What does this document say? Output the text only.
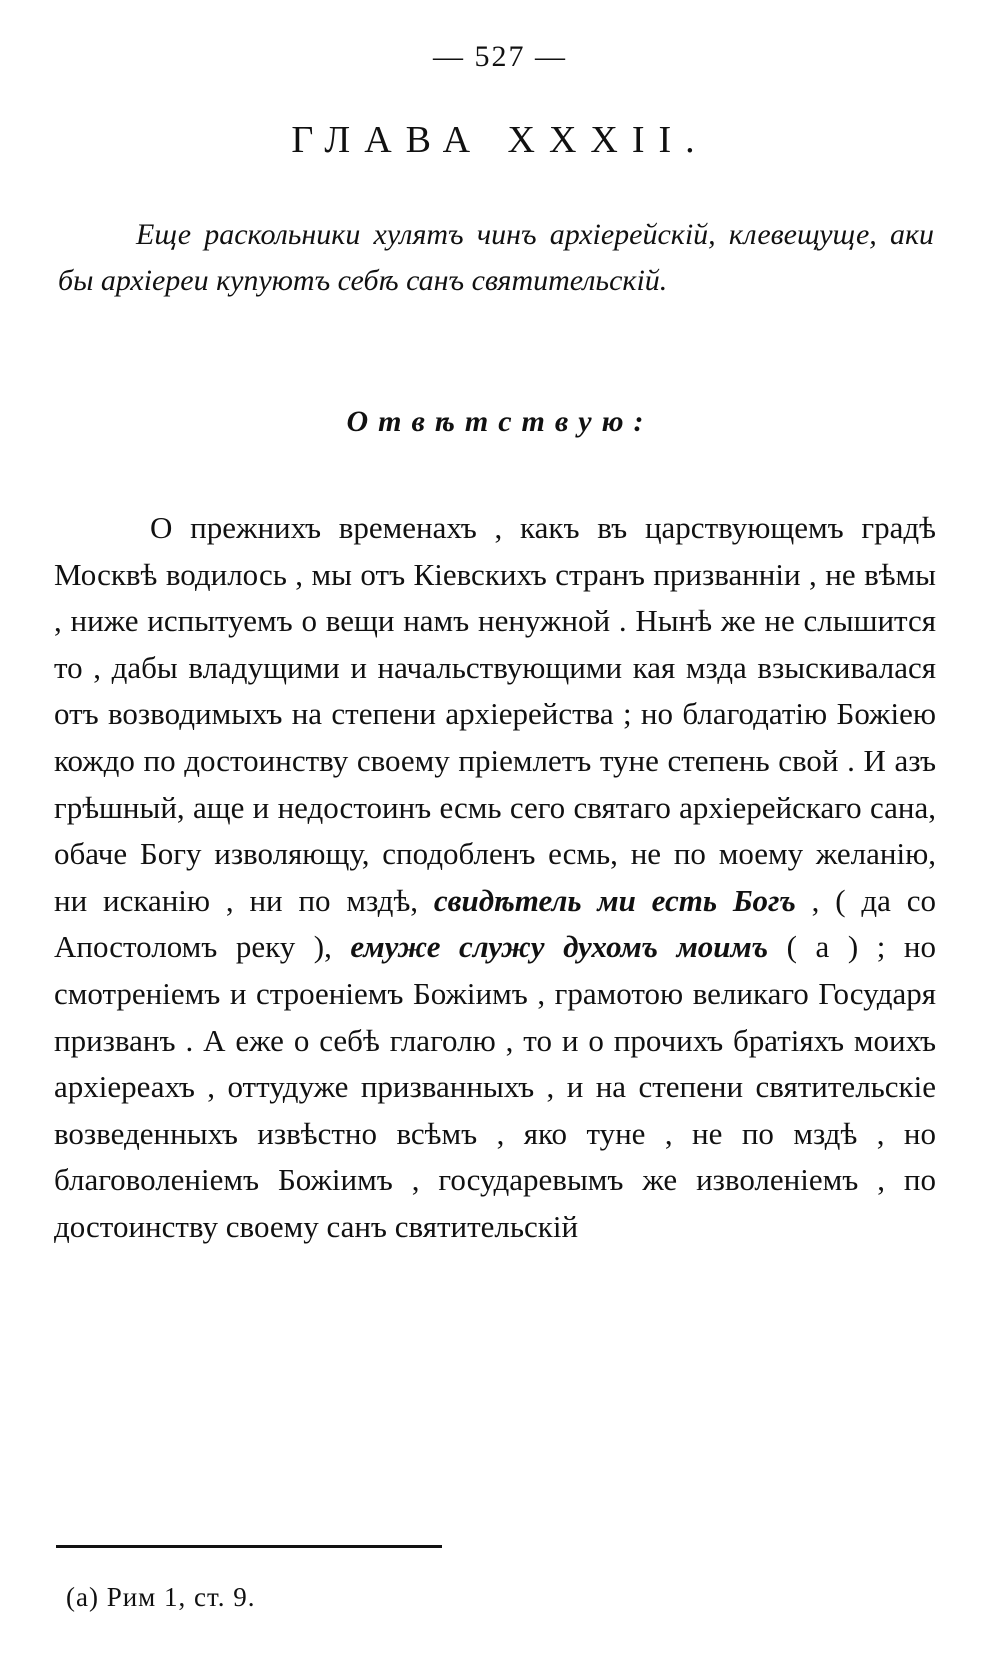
— 527 —
ГЛАВА XXXII.
Еще раскольники хулятъ чинъ архіерейскій, клевещуще, аки бы архіереи купуютъ себѣ санъ святительскій.
Отвѣтствую:
О прежнихъ временахъ , какъ въ царствующемъ градѣ Москвѣ водилось , мы отъ Кіевскихъ странъ призванніи , не вѣмы , ниже испытуемъ о вещи намъ ненужной . Нынѣ же не слышится то , дабы владущими и начальствующими кая мзда взыскивалася отъ возводимыхъ на степени архіерейства ; но благодатію Божіею кождо по достоинству своему пріемлетъ туне степень свой . И азъ грѣшный, аще и недостоинъ есмь сего святаго архіерейскаго сана, обаче Богу изволяющу, сподобленъ есмь, не по моему желанію, ни исканію , ни по мздѣ, свидѣтель ми есть Богъ , ( да со Апостоломъ реку ), емуже служу духомъ моимъ ( а ) ; но смотреніемъ и строеніемъ Божіимъ , грамотою великаго Государя призванъ . А еже о себѣ глаголю , то и о прочихъ братіяхъ моихъ архіереахъ , оттудуже призванныхъ , и на степени святительскіе возведенныхъ извѣстно всѣмъ , яко туне , не по мздѣ , но благоволеніемъ Божіимъ , государевымъ же изволеніемъ , по достоинству своему санъ святительскій
(а) Рим 1, ст. 9.
